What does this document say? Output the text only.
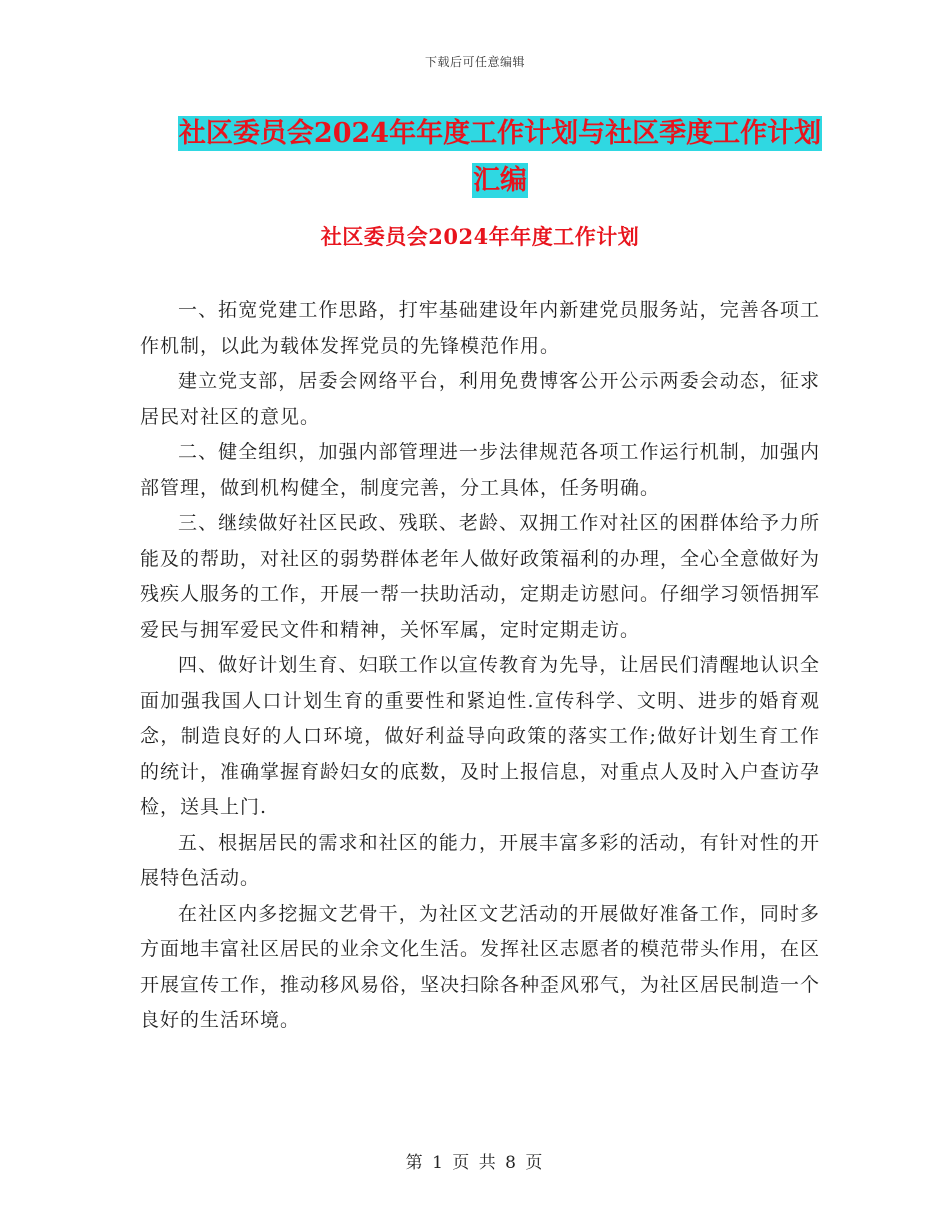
下载后可任意编辑
社区委员会2024年年度工作计划与社区季度工作计划
汇编
社区委员会2024年年度工作计划

一、拓宽党建工作思路，打牢基础建设年内新建党员服务站，完善各项工作机制，以此为载体发挥党员的先锋模范作用。

建立党支部，居委会网络平台，利用免费博客公开公示两委会动态，征求居民对社区的意见。

二、健全组织，加强内部管理进一步法律规范各项工作运行机制，加强内部管理，做到机构健全，制度完善，分工具体，任务明确。

三、继续做好社区民政、残联、老龄、双拥工作对社区的困群体给予力所能及的帮助，对社区的弱势群体老年人做好政策福利的办理，全心全意做好为残疾人服务的工作，开展一帮一扶助活动，定期走访慰问。仔细学习领悟拥军爱民与拥军爱民文件和精神，关怀军属，定时定期走访。

四、做好计划生育、妇联工作以宣传教育为先导，让居民们清醒地认识全面加强我国人口计划生育的重要性和紧迫性.宣传科学、文明、进步的婚育观念，制造良好的人口环境，做好利益导向政策的落实工作;做好计划生育工作的统计，准确掌握育龄妇女的底数，及时上报信息，对重点人及时入户查访孕检，送具上门.

五、根据居民的需求和社区的能力，开展丰富多彩的活动，有针对性的开展特色活动。

在社区内多挖掘文艺骨干，为社区文艺活动的开展做好准备工作，同时多方面地丰富社区居民的业余文化生活。发挥社区志愿者的模范带头作用，在区开展宣传工作，推动移风易俗，坚决扫除各种歪风邪气，为社区居民制造一个良好的生活环境。

第 1 页 共 8 页
